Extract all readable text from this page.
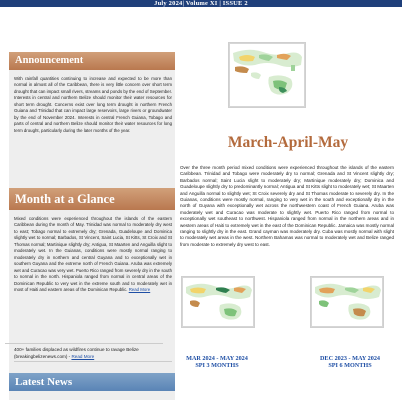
July 2024| Volume XI | ISSUE 2
Announcement
With rainfall quantities continuing to increase and expected to be more than normal in almost all of the Caribbean, there is very little concern over short term drought that can impact small rivers, streams and ponds by the end of September. Interests in central and northern Belize should monitor their water resources for short term drought. Concerns exist over long term drought in northern French Guiana and Trinidad that can impact large reservoirs, large rivers or groundwater by the end of November 2024. Interests in central French Guiana, Tobago and parts of central and northern Belize should monitor their water resources for long term drought, particularly during the later months of the year.
Month at a Glance
Mixed conditions were experienced throughout the islands of the eastern Caribbean during the month of May. Trinidad was normal to moderately dry west to east; Tobago normal to extremely dry; Grenada, Guadeloupe and Dominica slightly wet to normal; Barbados, St Vincent, Saint Lucia, St Kitts, St Croix and St Thomas normal; Martinique slightly dry; Antigua, St Maarten and Anguilla slight to moderately wet. In the Guianas, conditions were mostly normal ranging to moderately dry in northern and central Guyana and to exceptionally wet in southern Guyana and the extreme north of French Guiana. Aruba was extremely wet and Curacao was very wet. Puerto Rico ranged from severely dry in the south to normal in the north. Hispaniola ranged from normal in central areas of the Dominican Republic to very wet in the extreme south and to moderately wet in most of Haiti and eastern areas of the Dominican Republic. Read More
Latest News
400+ families displaced as wildfires continue to ravage Belize (breakingbelizenews.com) - Read More
March-April-May
Over the three month period mixed conditions were experienced throughout the islands of the eastern Caribbean. Trinidad and Tobago were moderately dry to normal; Grenada and St Vincent slightly dry; Barbados normal; Saint Lucia slight to moderately dry; Martinique moderately dry; Dominica and Guadeloupe slightly dry to predominantly normal; Antigua and St Kitts slight to moderately wet; St Maarten and Anguilla normal to slightly wet; St Croix severely dry and St Thomas moderate to severely dry. In the Guianas, conditions were mostly normal, ranging to very wet in the south and exceptionally dry in the north of Guyana with exceptionally wet across the northwestern coast of French Guiana. Aruba was moderately wet and Curacao was moderate to slightly wet. Puerto Rico ranged from normal to exceptionally wet southeast to northwest. Hispaniola ranged from normal in the northern areas and in western areas of Haiti to extremely wet in the east of the Dominican Republic. Jamaica was mostly normal ranging to slightly dry in the east. Grand cayman was moderately dry. Cuba was mostly normal with slight to moderately wet areas in the west. Northern Bahamas was normal to moderately wet and Belize ranged from moderate to extremely dry west to east.
MAR 2024 - MAY 2024
SPI 3 MONTHS
DEC 2023 - MAY 2024
SPI 6 MONTHS
